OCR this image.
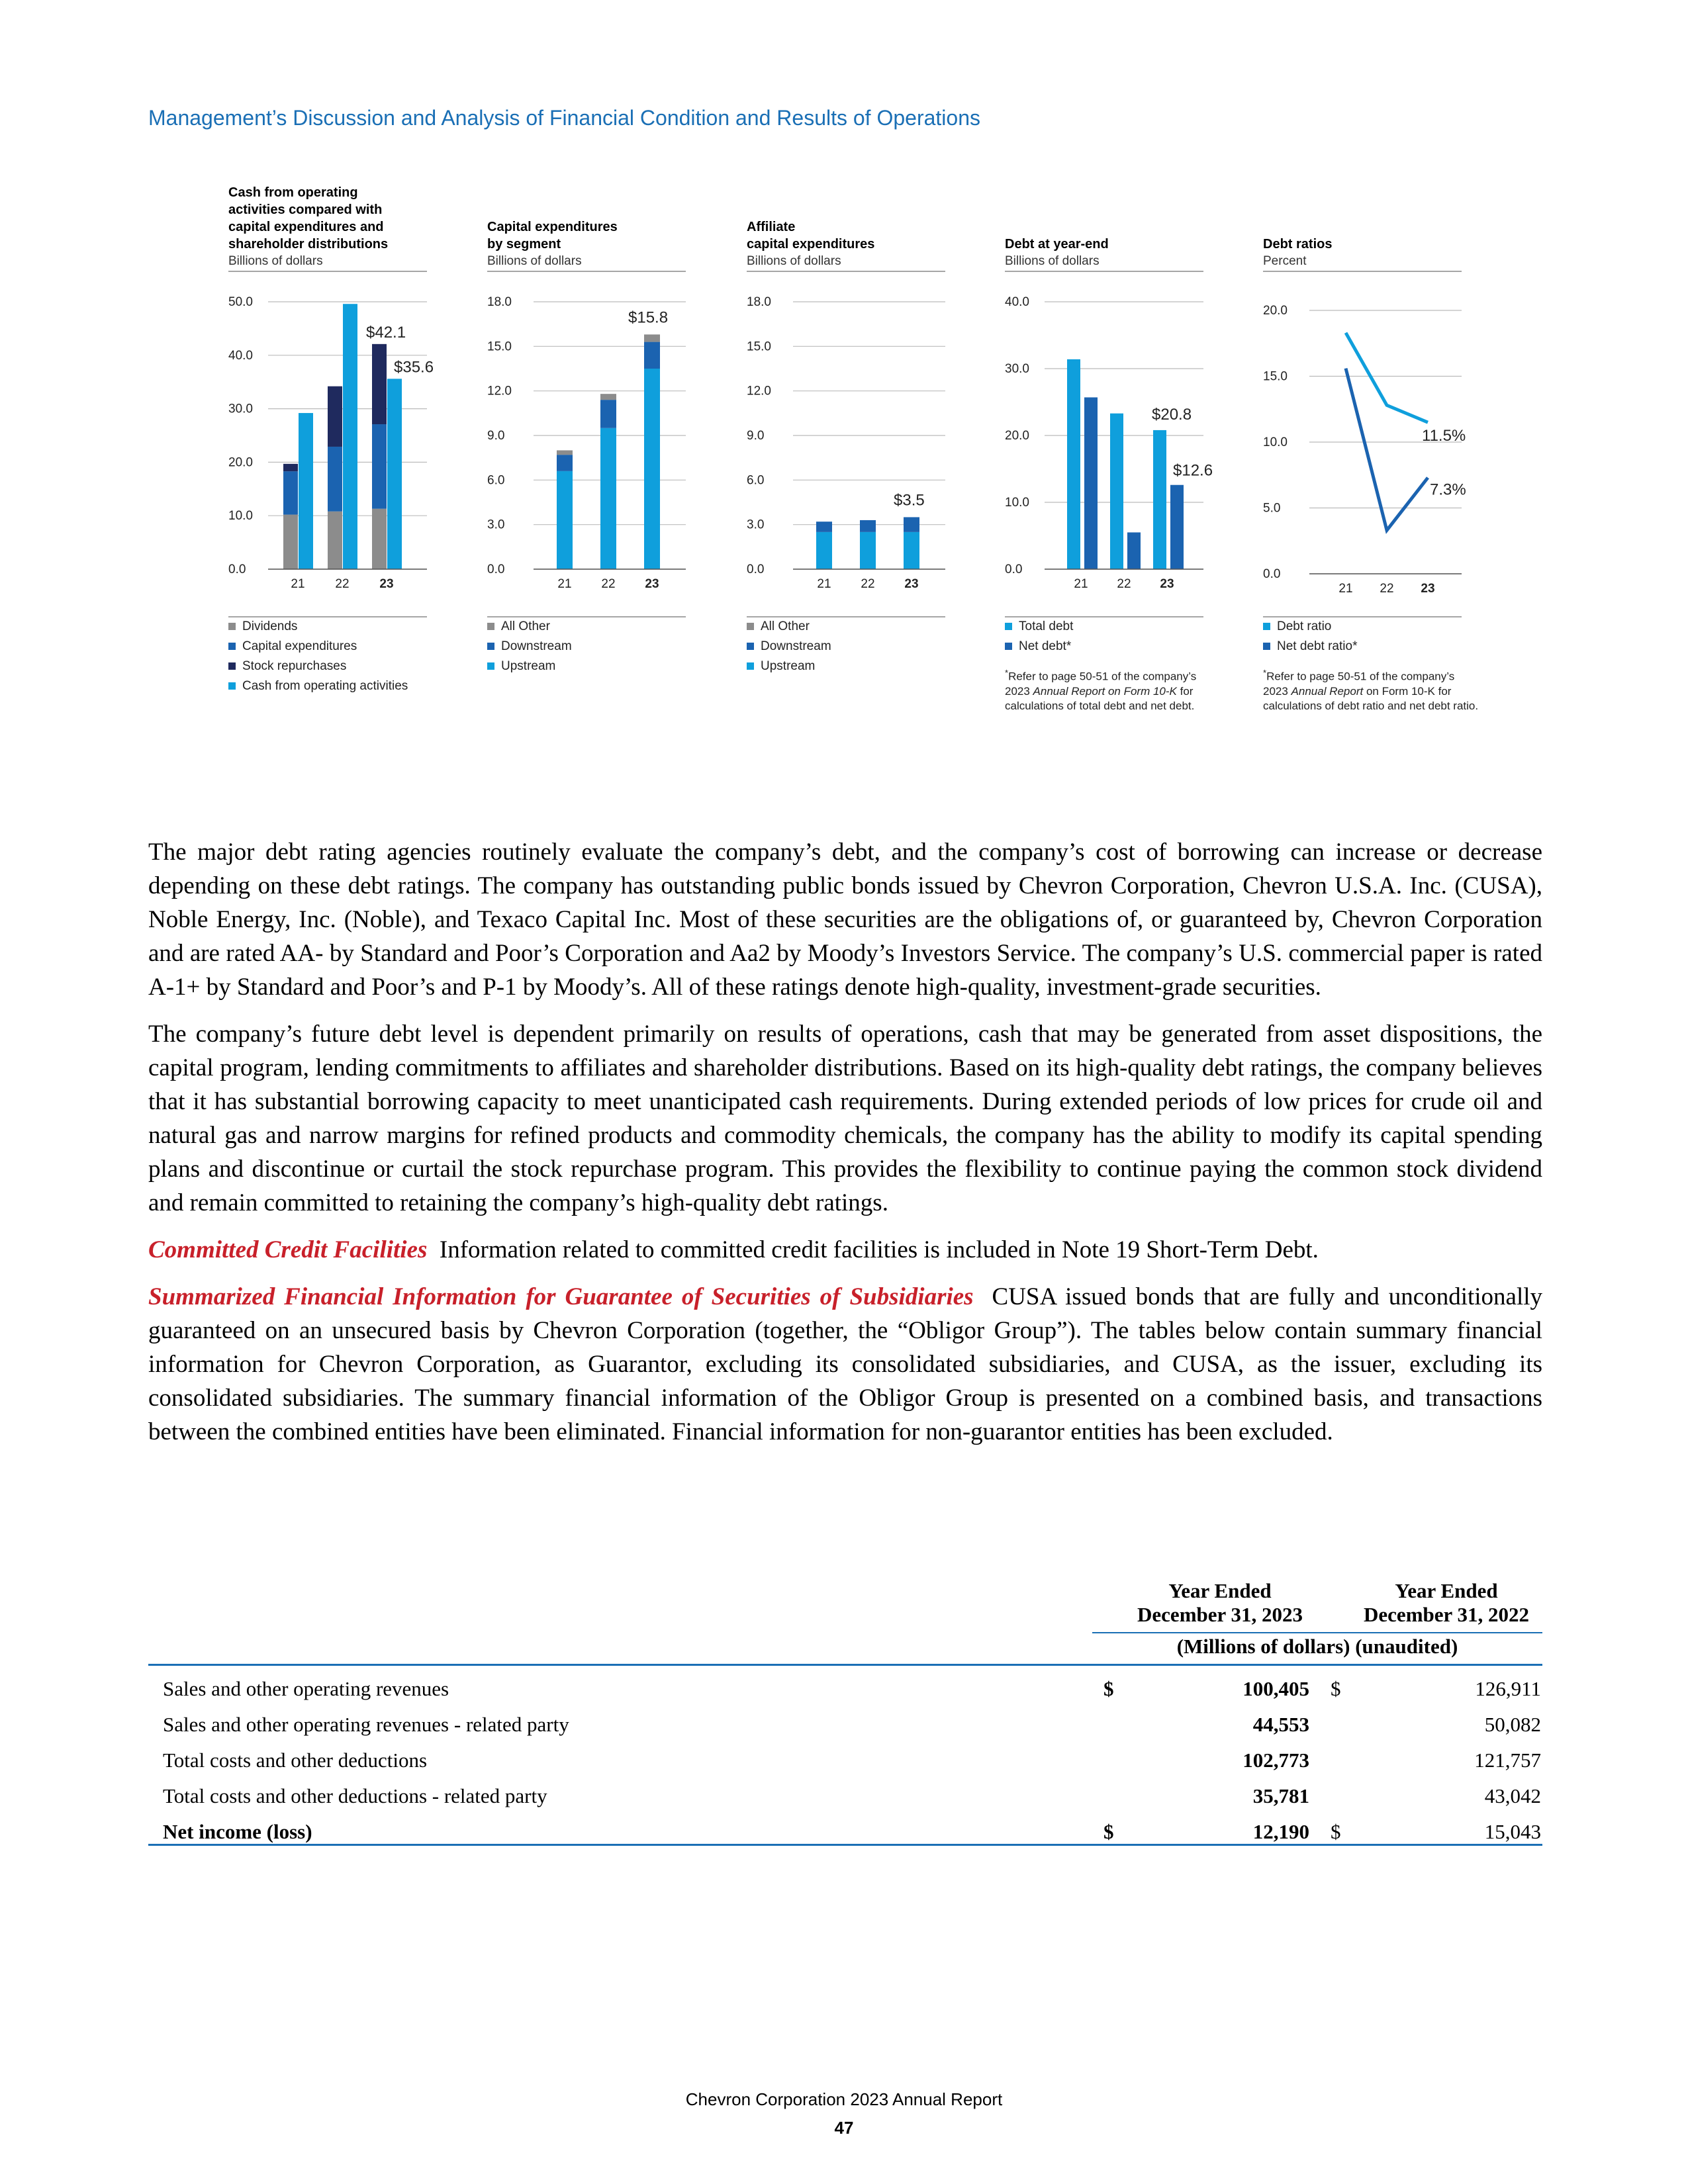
Management’s Discussion and Analysis of Financial Condition and Results of Operations
Cash from operating
activities compared with
capital expenditures and
shareholder distributions
Billions of dollars
50.0
40.0
30.0
20.0
10.0
0.0
21 22 23
$42.1
$35.6
Dividends
Capital expenditures
Stock repurchases
Cash from operating activities
Capital expenditures
by segment
Billions of dollars
18.0
15.0
12.0
9.0
6.0
3.0
0.0
21 22 23
$15.8
All Other
Downstream
Upstream
Affiliate
capital expenditures
Billions of dollars
18.0
15.0
12.0
9.0
6.0
3.0
0.0
21 22 23
$3.5
All Other
Downstream
Upstream
Debt at year-end
Billions of dollars
40.0
30.0
20.0
10.0
0.0
21 22 23
$20.8
$12.6
Total debt
Net debt*
*Refer to page 50-51 of the company’s 2023 Annual Report on Form 10-K for calculations of total debt and net debt.
Debt ratios
Percent
20.0
15.0
10.0
5.0
0.0
21 22 23
11.5%
7.3%
Debt ratio
Net debt ratio*
*Refer to page 50-51 of the company’s 2023 Annual Report on Form 10-K for calculations of debt ratio and net debt ratio.

The major debt rating agencies routinely evaluate the company’s debt, and the company’s cost of borrowing can increase or decrease depending on these debt ratings. The company has outstanding public bonds issued by Chevron Corporation, Chevron U.S.A. Inc. (CUSA), Noble Energy, Inc. (Noble), and Texaco Capital Inc. Most of these securities are the obligations of, or guaranteed by, Chevron Corporation and are rated AA- by Standard and Poor’s Corporation and Aa2 by Moody’s Investors Service. The company’s U.S. commercial paper is rated A-1+ by Standard and Poor’s and P-1 by Moody’s. All of these ratings denote high-quality, investment-grade securities.

The company’s future debt level is dependent primarily on results of operations, cash that may be generated from asset dispositions, the capital program, lending commitments to affiliates and shareholder distributions. Based on its high-quality debt ratings, the company believes that it has substantial borrowing capacity to meet unanticipated cash requirements. During extended periods of low prices for crude oil and natural gas and narrow margins for refined products and commodity chemicals, the company has the ability to modify its capital spending plans and discontinue or curtail the stock repurchase program. This provides the flexibility to continue paying the common stock dividend and remain committed to retaining the company’s high-quality debt ratings.

Committed Credit Facilities Information related to committed credit facilities is included in Note 19 Short-Term Debt.

Summarized Financial Information for Guarantee of Securities of Subsidiaries CUSA issued bonds that are fully and unconditionally guaranteed on an unsecured basis by Chevron Corporation (together, the “Obligor Group”). The tables below contain summary financial information for Chevron Corporation, as Guarantor, excluding its consolidated subsidiaries, and CUSA, as the issuer, excluding its consolidated subsidiaries. The summary financial information of the Obligor Group is presented on a combined basis, and transactions between the combined entities have been eliminated. Financial information for non-guarantor entities has been excluded.

Year Ended
December 31, 2023
Year Ended
December 31, 2022
(Millions of dollars) (unaudited)
Sales and other operating revenues	$	100,405 $	126,911
Sales and other operating revenues - related party	44,553	50,082
Total costs and other deductions	102,773	121,757
Total costs and other deductions - related party	35,781	43,042
Net income (loss)	$	12,190 $	15,043
Chevron Corporation 2023 Annual Report
47
